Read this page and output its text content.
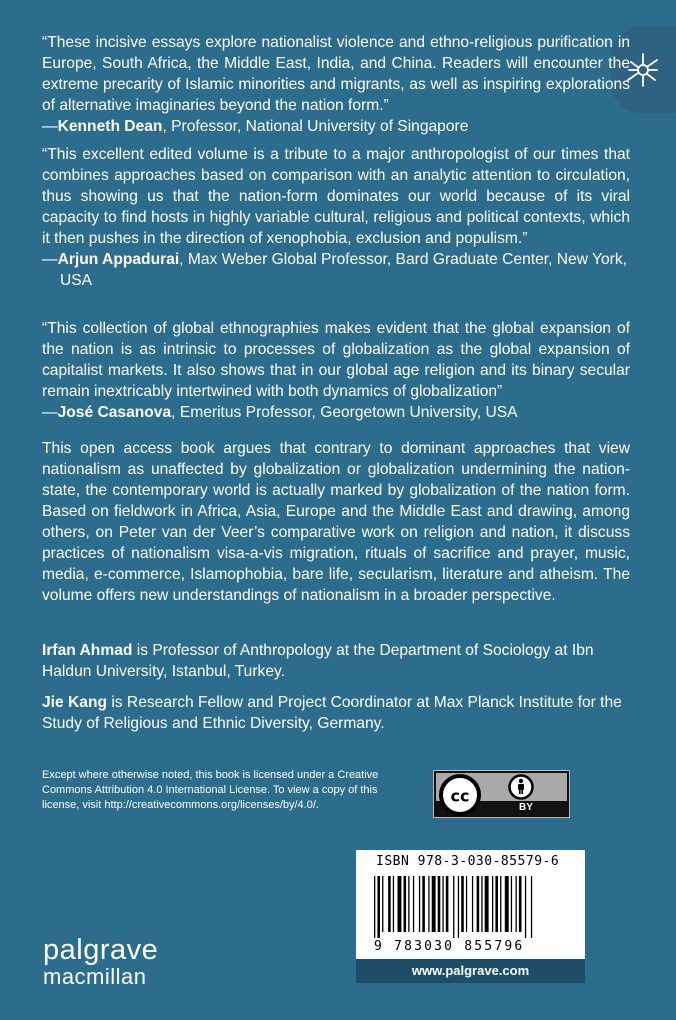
“These incisive essays explore nationalist violence and ethno-religious purification in Europe, South Africa, the Middle East, India, and China. Readers will encounter the extreme precarity of Islamic minorities and migrants, as well as inspiring explorations of alternative imaginaries beyond the nation form.”

—Kenneth Dean, Professor, National University of Singapore

“This excellent edited volume is a tribute to a major anthropologist of our times that combines approaches based on comparison with an analytic attention to circulation, thus showing us that the nation-form dominates our world because of its viral capacity to find hosts in highly variable cultural, religious and political contexts, which it then pushes in the direction of xenophobia, exclusion and populism.”

—Arjun Appadurai, Max Weber Global Professor, Bard Graduate Center, New York, USA

“This collection of global ethnographies makes evident that the global expansion of the nation is as intrinsic to processes of globalization as the global expansion of capitalist markets. It also shows that in our global age religion and its binary secular remain inextricably intertwined with both dynamics of globalization”

—José Casanova, Emeritus Professor, Georgetown University, USA

This open access book argues that contrary to dominant approaches that view nationalism as unaffected by globalization or globalization undermining the nation-state, the contemporary world is actually marked by globalization of the nation form. Based on fieldwork in Africa, Asia, Europe and the Middle East and drawing, among others, on Peter van der Veer’s comparative work on religion and nation, it discuss practices of nationalism visa-a-vis migration, rituals of sacrifice and prayer, music, media, e-commerce, Islamophobia, bare life, secularism, literature and atheism. The volume offers new understandings of nationalism in a broader perspective.

Irfan Ahmad is Professor of Anthropology at the Department of Sociology at Ibn Haldun University, Istanbul, Turkey.

Jie Kang is Research Fellow and Project Coordinator at Max Planck Institute for the Study of Religious and Ethnic Diversity, Germany.

Except where otherwise noted, this book is licensed under a Creative Commons Attribution 4.0 International License. To view a copy of this license, visit http://creativecommons.org/licenses/by/4.0/.	cc
BY
ISBN 978-3-030-85579-6
9 783030 855796
www.palgrave.com
palgrave
macmillan
